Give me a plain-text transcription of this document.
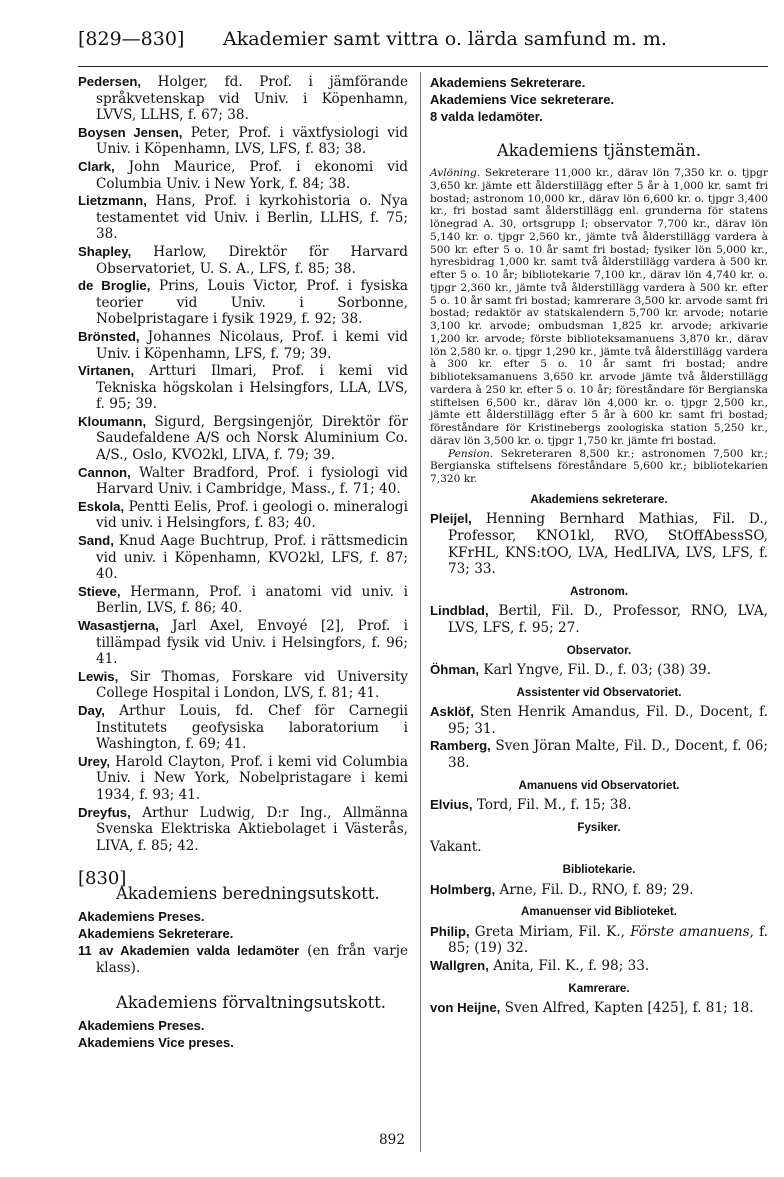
[829—830] Akademier samt vittra o. lärda samfund m. m.
Pedersen, Holger, fd. Prof. i jämförande språkvetenskap vid Univ. i Köpenhamn, LVVS, LLHS, f. 67; 38.
Boysen Jensen, Peter, Prof. i växtfysiologi vid Univ. i Köpenhamn, LVS, LFS, f. 83; 38.
Clark, John Maurice, Prof. i ekonomi vid Columbia Univ. i New York, f. 84; 38.
Lietzmann, Hans, Prof. i kyrkohistoria o. Nya testamentet vid Univ. i Berlin, LLHS, f. 75; 38.
Shapley, Harlow, Direktör för Harvard Observatoriet, U. S. A., LFS, f. 85; 38.
de Broglie, Prins, Louis Victor, Prof. i fysiska teorier vid Univ. i Sorbonne, Nobelpristagare i fysik 1929, f. 92; 38.
Brönsted, Johannes Nicolaus, Prof. i kemi vid Univ. i Köpenhamn, LFS, f. 79; 39.
Virtanen, Artturi Ilmari, Prof. i kemi vid Tekniska högskolan i Helsingfors, LLA, LVS, f. 95; 39.
Kloumann, Sigurd, Bergsingenjör, Direktör för Saudefaldene A/S och Norsk Aluminium Co. A/S., Oslo, KVO2kl, LIVA, f. 79; 39.
Cannon, Walter Bradford, Prof. i fysiologi vid Harvard Univ. i Cambridge, Mass., f. 71; 40.
Eskola, Pentti Eelis, Prof. i geologi o. mineralogi vid univ. i Helsingfors, f. 83; 40.
Sand, Knud Aage Buchtrup, Prof. i rättsmedicin vid univ. i Köpenhamn, KVO2kl, LFS, f. 87; 40.
Stieve, Hermann, Prof. i anatomi vid univ. i Berlin, LVS, f. 86; 40.
Wasastjerna, Jarl Axel, Envoyé [2], Prof. i tillämpad fysik vid Univ. i Helsingfors, f. 96; 41.
Lewis, Sir Thomas, Forskare vid University College Hospital i London, LVS, f. 81; 41.
Day, Arthur Louis, fd. Chef för Carnegii Institutets geofysiska laboratorium i Washington, f. 69; 41.
Urey, Harold Clayton, Prof. i kemi vid Columbia Univ. i New York, Nobelpristagare i kemi 1934, f. 93; 41.
Dreyfus, Arthur Ludwig, D:r Ing., Allmänna Svenska Elektriska Aktiebolaget i Västerås, LIVA, f. 85; 42.
[830]
Akademiens beredningsutskott.
Akademiens Preses.
Akademiens Sekreterare.
11 av Akademien valda ledamöter (en från varje klass).
Akademiens förvaltningsutskott.
Akademiens Preses.
Akademiens Vice preses.
Akademiens Sekreterare.
Akademiens Vice sekreterare.
8 valda ledamöter.
Akademiens tjänstemän.
Avlöning. Sekreterare 11,000 kr., därav lön 7,350 kr. o. tjpgr 3,650 kr. jämte ett ålderstillägg efter 5 år à 1,000 kr. samt fri bostad; astronom 10,000 kr., därav lön 6,600 kr. o. tjpgr 3,400 kr., fri bostad samt ålderstillägg enl. grunderna för statens lönegrad A. 30, ortsgrupp I; observator 7,700 kr., därav lön 5,140 kr. o. tjpgr 2,560 kr., jämte två ålderstillägg vardera à 500 kr. efter 5 o. 10 år samt fri bostad; fysiker lön 5,000 kr., hyresbidrag 1,000 kr. samt två ålderstillägg vardera à 500 kr. efter 5 o. 10 år; bibliotekarie 7,100 kr., därav lön 4,740 kr. o. tjpgr 2,360 kr., jämte två ålderstillägg vardera à 500 kr. efter 5 o. 10 år samt fri bostad; kamrerare 3,500 kr. arvode samt fri bostad; redaktör av statskalendern 5,700 kr. arvode; notarie 3,100 kr. arvode; ombudsman 1,825 kr. arvode; arkivarie 1,200 kr. arvode; förste biblioteksamanuens 3,870 kr., därav lön 2,580 kr. o. tjpgr 1,290 kr., jämte två ålderstillägg vardera à 300 kr. efter 5 o. 10 år samt fri bostad; andre biblioteksamanuens 3,650 kr. arvode jämte två ålderstillägg vardera à 250 kr. efter 5 o. 10 år; föreståndare för Bergianska stiftelsen 6,500 kr., därav lön 4,000 kr. o. tjpgr 2,500 kr., jämte ett ålderstillägg efter 5 år à 600 kr. samt fri bostad; föreståndare för Kristinebergs zoologiska station 5,250 kr., därav lön 3,500 kr. o. tjpgr 1,750 kr. jämte fri bostad.
Pension. Sekreteraren 8,500 kr.; astronomen 7,500 kr.; Bergianska stiftelsens föreståndare 5,600 kr.; bibliotekarien 7,320 kr.
Akademiens sekreterare.
Pleijel, Henning Bernhard Mathias, Fil. D., Professor, KNO1kl, RVO, StOffAbessSO, KFrHL, KNS:tOO, LVA, HedLIVA, LVS, LFS, f. 73; 33.
Astronom.
Lindblad, Bertil, Fil. D., Professor, RNO, LVA, LVS, LFS, f. 95; 27.
Observator.
Öhman, Karl Yngve, Fil. D., f. 03; (38) 39.
Assistenter vid Observatoriet.
Asklöf, Sten Henrik Amandus, Fil. D., Docent, f. 95; 31.
Ramberg, Sven Jöran Malte, Fil. D., Docent, f. 06; 38.
Amanuens vid Observatoriet.
Elvius, Tord, Fil. M., f. 15; 38.
Fysiker.
Vakant.
Bibliotekarie.
Holmberg, Arne, Fil. D., RNO, f. 89; 29.
Amanuenser vid Biblioteket.
Philip, Greta Miriam, Fil. K., Förste amanuens, f. 85; (19) 32.
Wallgren, Anita, Fil. K., f. 98; 33.
Kamrerare.
von Heijne, Sven Alfred, Kapten [425], f. 81; 18.
892
